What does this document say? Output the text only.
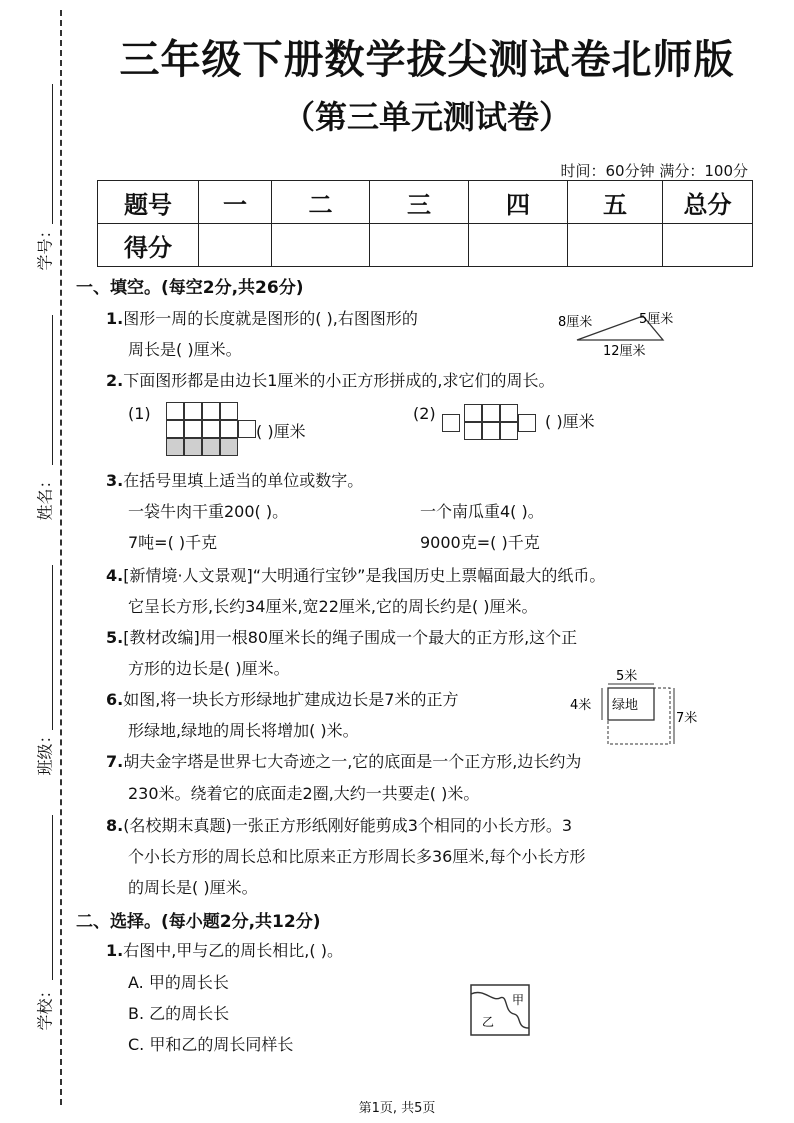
学号：
姓名：
班级：
学校：
三年级下册数学拔尖测试卷北师版
（第三单元测试卷）
时间：60分钟 满分：100分
题号	一	二	三	四	五	总分
得分						
一、填空。(每空2分,共26分)
1.图形一周的长度就是图形的( ),右图图形的
周长是( )厘米。
8厘米	5厘米
12厘米
2.下面图形都是由边长1厘米的小正方形拼成的,求它们的周长。
(1)
( )厘米
(2)	( )厘米
3.在括号里填上适当的单位或数字。
一袋牛肉干重200( )。	一个南瓜重4( )。
7吨=( )千克	9000克=( )千克
4.[新情境·人文景观]“大明通行宝钞”是我国历史上票幅面最大的纸币。
它呈长方形,长约34厘米,宽22厘米,它的周长约是( )厘米。
5.[教材改编]用一根80厘米长的绳子围成一个最大的正方形,这个正
方形的边长是( )厘米。
6.如图,将一块长方形绿地扩建成边长是7米的正方
形绿地,绿地的周长将增加( )米。
5米
绿地
4米
7米
7.胡夫金字塔是世界七大奇迹之一,它的底面是一个正方形,边长约为
230米。绕着它的底面走2圈,大约一共要走( )米。
8.(名校期末真题)一张正方形纸刚好能剪成3个相同的小长方形。3
个小长方形的周长总和比原来正方形周长多36厘米,每个小长方形
的周长是( )厘米。
二、选择。(每小题2分,共12分)
1.右图中,甲与乙的周长相比,( )。
A. 甲的周长长
B. 乙的周长长
C. 甲和乙的周长同样长
甲
乙
第1页, 共5页
